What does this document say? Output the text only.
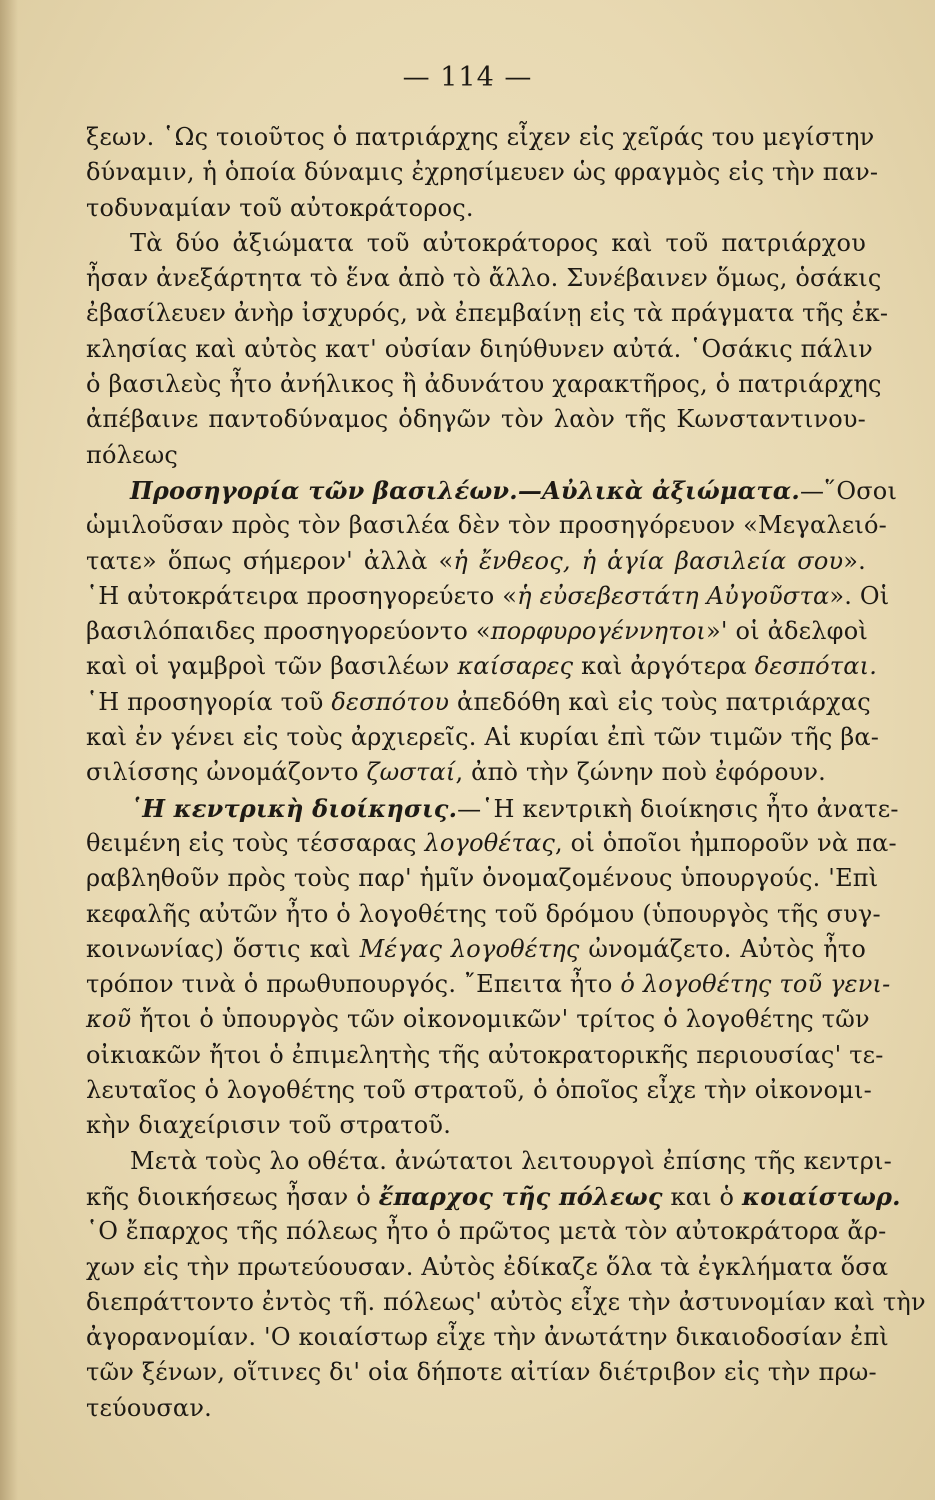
— 114 —
ξεων. ῾Ως τοιοῦτος ὁ πατριάρχης εἶχεν εἰς χεῖράς του μεγίστην
δύναμιν, ἡ ὁποία δύναμις ἐχρησίμευεν ὡς φραγμὸς εἰς τὴν παν-
τοδυναμίαν τοῦ αὐτοκράτορος.
Τὰ δύο ἀξιώματα τοῦ αὐτοκράτορος καὶ τοῦ πατριάρχου
ἦσαν ἀνεξάρτητα τὸ ἕνα ἀπὸ τὸ ἄλλο. Συνέβαινεν ὅμως, ὁσάκις
ἐβασίλευεν ἀνὴρ ἰσχυρός, νὰ ἐπεμβαίνῃ εἰς τὰ πράγματα τῆς ἐκ-
κλησίας καὶ αὐτὸς κατ' οὐσίαν διηύθυνεν αὐτά. ῾Οσάκις πάλιν
ὁ βασιλεὺς ἦτο ἀνήλικος ἢ ἀδυνάτου χαρακτῆρος, ὁ πατριάρχης
ἀπέβαινε παντοδύναμος ὁδηγῶν τὸν λαὸν τῆς Κωνσταντινου-
πόλεως
Προσηγορία τῶν βασιλέων.—Αὐλικὰ ἀξιώματα.—῞Οσοι
ὡμιλοῦσαν πρὸς τὸν βασιλέα δὲν τὸν προσηγόρευον «Μεγαλειό-
τατε» ὅπως σήμερον' ἀλλὰ «ἡ ἔνθεος, ἡ ἁγία βασιλεία σου».
῾Η αὐτοκράτειρα προσηγορεύετο «ἡ εὐσεβεστάτη Αὐγοῦστα». Οἱ
βασιλόπαιδες προσηγορεύοντο «πορφυρογέννητοι»' οἱ ἀδελφοὶ
καὶ οἱ γαμβροὶ τῶν βασιλέων καίσαρες καὶ ἀργότερα δεσπόται.
῾Η προσηγορία τοῦ δεσπότου ἀπεδόθη καὶ εἰς τοὺς πατριάρχας
καὶ ἐν γένει εἰς τοὺς ἀρχιερεῖς. Αἱ κυρίαι ἐπὶ τῶν τιμῶν τῆς βα-
σιλίσσης ὠνομάζοντο ζωσταί, ἀπὸ τὴν ζώνην ποὺ ἐφόρουν.
῾Η κεντρικὴ διοίκησις.—῾Η κεντρικὴ διοίκησις ἦτο ἀνατε-
θειμένη εἰς τοὺς τέσσαρας λογοθέτας, οἱ ὁποῖοι ἠμποροῦν νὰ πα-
ραβληθοῦν πρὸς τοὺς παρ' ἡμῖν ὀνομαζομένους ὑπουργούς. 'Επὶ
κεφαλῆς αὐτῶν ἦτο ὁ λογοθέτης τοῦ δρόμου (ὑπουργὸς τῆς συγ-
κοινωνίας) ὅστις καὶ Μέγας λογοθέτης ὠνομάζετο. Αὐτὸς ἦτο
τρόπον τινὰ ὁ πρωθυπουργός. ῎Επειτα ἦτο ὁ λογοθέτης τοῦ γενι-
κοῦ ἤτοι ὁ ὑπουργὸς τῶν οἰκονομικῶν' τρίτος ὁ λογοθέτης τῶν
οἰκιακῶν ἤτοι ὁ ἐπιμελητὴς τῆς αὐτοκρατορικῆς περιουσίας' τε-
λευταῖος ὁ λογοθέτης τοῦ στρατοῦ, ὁ ὁποῖος εἶχε τὴν οἰκονομι-
κὴν διαχείρισιν τοῦ στρατοῦ.
Μετὰ τοὺς λο οθέτα. ἀνώτατοι λειτουργοὶ ἐπίσης τῆς κεντρι-
κῆς διοικήσεως ἦσαν ὁ ἔπαρχος τῆς πόλεως και ὁ κοιαίστωρ.
῾Ο ἔπαρχος τῆς πόλεως ἦτο ὁ πρῶτος μετὰ τὸν αὐτοκράτορα ἄρ-
χων εἰς τὴν πρωτεύουσαν. Αὐτὸς ἐδίκαζε ὅλα τὰ ἐγκλήματα ὅσα
διεπράττοντο ἐντὸς τῆ. πόλεως' αὐτὸς εἶχε τὴν ἀστυνομίαν καὶ τὴν
ἀγορανομίαν. 'Ο κοιαίστωρ εἶχε τὴν ἀνωτάτην δικαιοδοσίαν ἐπὶ
τῶν ξένων, οἵτινες δι' οἱα δήποτε αἰτίαν διέτριβον εἰς τὴν πρω-
τεύουσαν.
